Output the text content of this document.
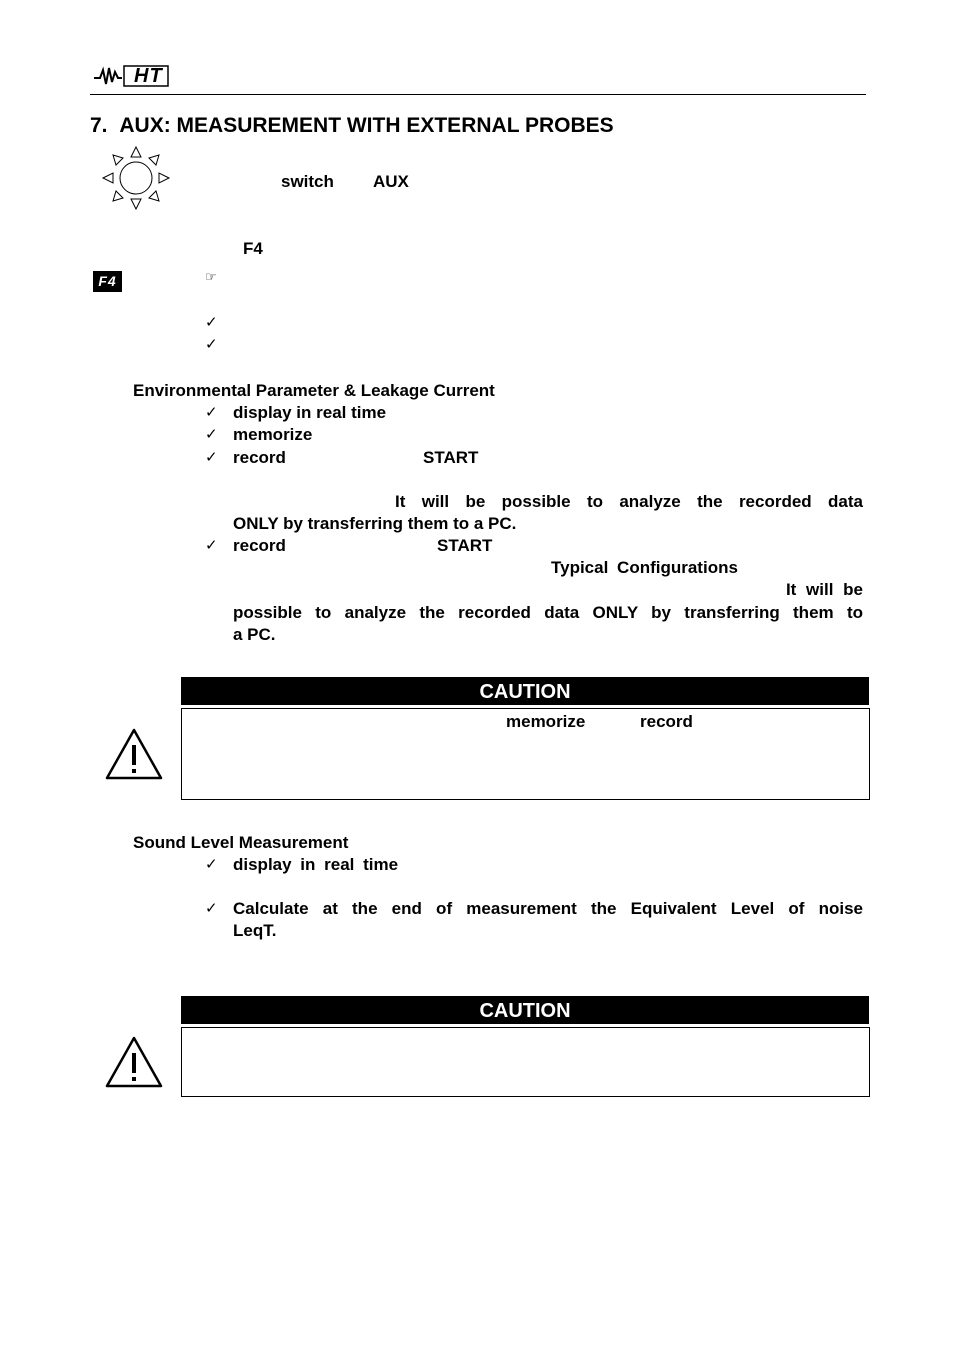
HT
7. AUX: MEASUREMENT WITH EXTERNAL PROBES
switch AUX
F4
F4	☞
✓
✓
Environmental Parameter & Leakage Current
✓ display in real time
✓ memorize
✓ record	START
It will be possible to analyze the recorded data
ONLY by transferring them to a PC.
✓ record	START
Typical Configurations
It will be
possible to analyze the recorded data ONLY by transferring them to
a PC.
CAUTION
memorize	record
Sound Level Measurement
✓ display in real time
✓ Calculate at the end of measurement the Equivalent Level of noise
LeqT.
CAUTION
